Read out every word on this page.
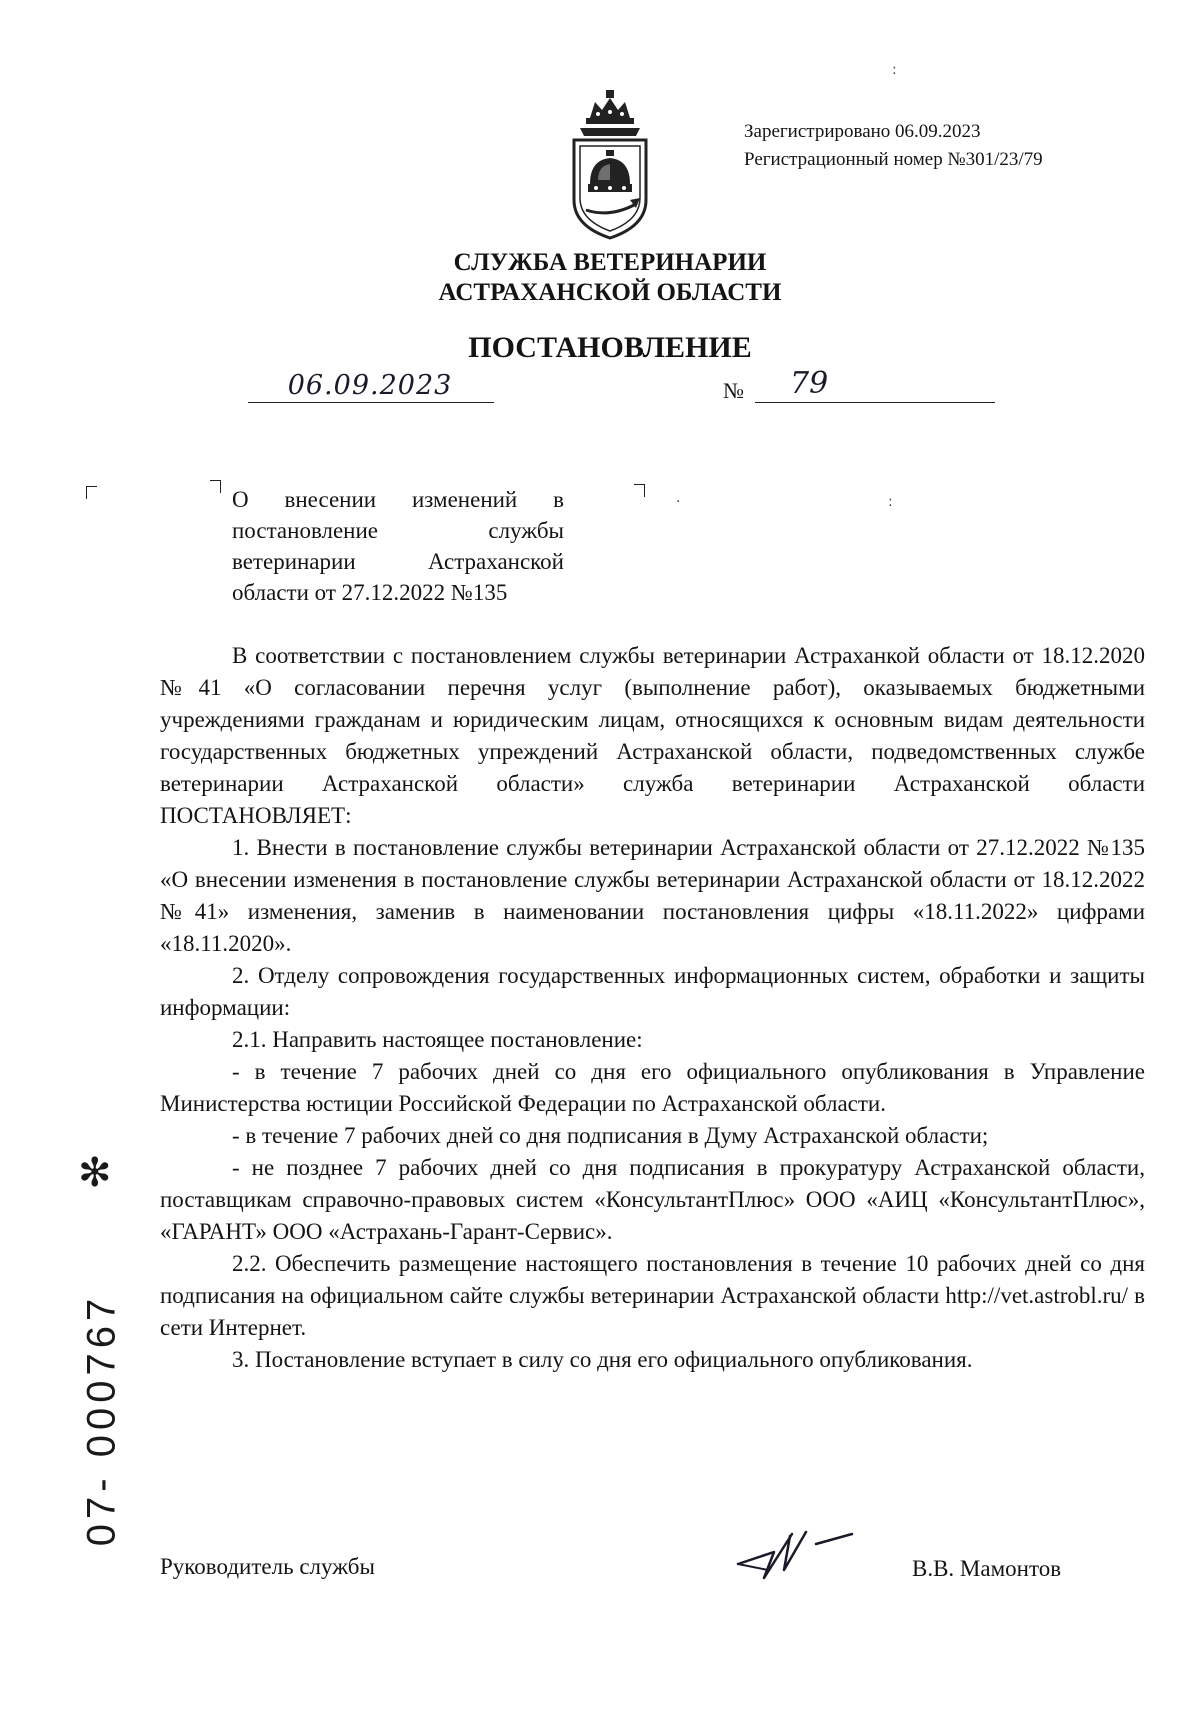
Зарегистрировано 06.09.2023
Регистрационный номер №301/23/79
СЛУЖБА ВЕТЕРИНАРИИ
АСТРАХАНСКОЙ ОБЛАСТИ
ПОСТАНОВЛЕНИЕ
06.09.2023	№ 79
.	:
:
О внесении изменений в постановление службы ветеринарии Астраханской области от 27.12.2022 №135

В соответствии с постановлением службы ветеринарии Астраханкой области от 18.12.2020 №41 «О согласовании перечня услуг (выполнение работ), оказываемых бюджетными учреждениями гражданам и юридическим лицам, относящихся к основным видам деятельности государственных бюджетных упреждений Астраханской области, подведомственных службе ветеринарии Астраханской области» служба ветеринарии Астраханской области ПОСТАНОВЛЯЕТ:

1. Внести в постановление службы ветеринарии Астраханской области от 27.12.2022 №135 «О внесении изменения в постановление службы ветеринарии Астраханской области от 18.12.2022 №41» изменения, заменив в наименовании постановления цифры «18.11.2022» цифрами «18.11.2020».

2. Отделу сопровождения государственных информационных систем, обработки и защиты информации:

2.1. Направить настоящее постановление:

- в течение 7 рабочих дней со дня его официального опубликования в Управление Министерства юстиции Российской Федерации по Астраханской области.

- в течение 7 рабочих дней со дня подписания в Думу Астраханской области;

- не позднее 7 рабочих дней со дня подписания в прокуратуру Астраханской области, поставщикам справочно-правовых систем «КонсультантПлюс» ООО «АИЦ «КонсультантПлюс», «ГАРАНТ» ООО «Астрахань-Гарант-Сервис».

2.2. Обеспечить размещение настоящего постановления в течение 10 рабочих дней со дня подписания на официальном сайте службы ветеринарии Астраханской области http://vet.astrobl.ru/ в сети Интернет.

3. Постановление вступает в силу со дня его официального опубликования.

Руководитель службы	В.В. Мамонтов
✻
07- 000767
